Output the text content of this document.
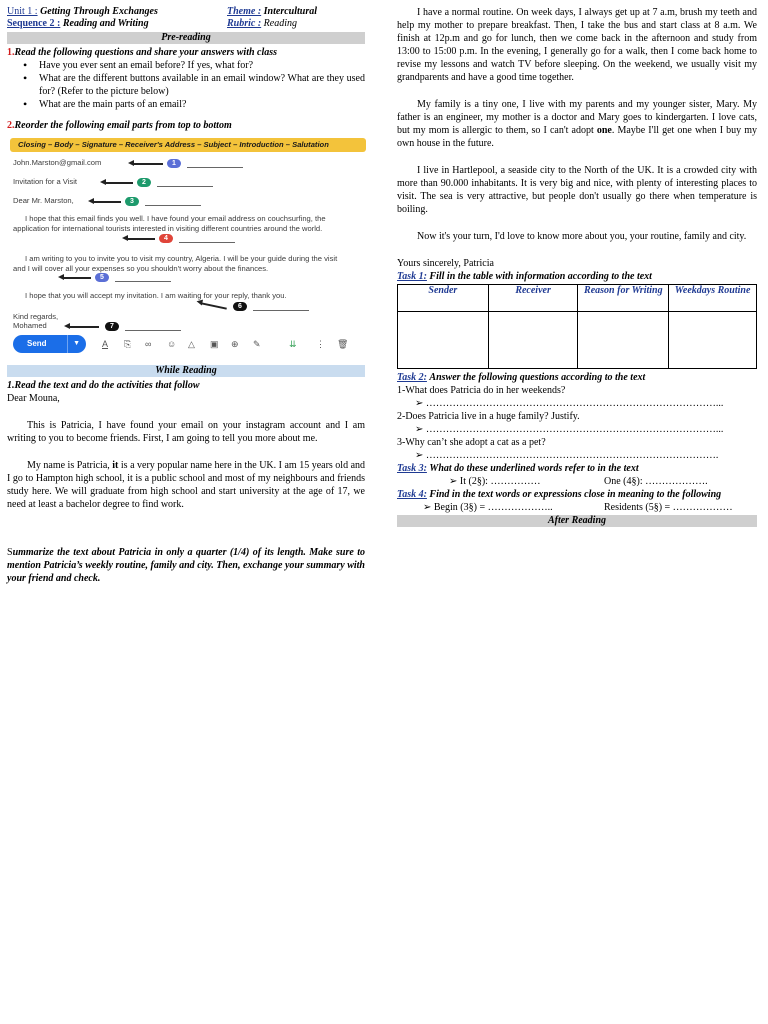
Unit 1 : Getting Through Exchanges	Theme : Intercultural
Sequence 2 : Reading and Writing	Rubric : Reading
Pre-reading
1.Read the following questions and share your answers with class
• Have you ever sent an email before? If yes, what for?
• What are the different buttons available in an email window? What are they used for? (Refer to the picture below)
• What are the main parts of an email?
2.Reorder the following email parts from top to bottom
Closing – Body – Signature – Receiver's Address – Subject – Introduction – Salutation
John.Marston@gmail.com	1
Invitation for a Visit	2
Dear Mr. Marston,	3
I hope that this email finds you well. I have found your email address on couchsurfing, the application for international tourists interested in visiting different countries around the world.
4
I am writing to you to invite you to visit my country, Algeria. I will be your guide during the visit and I will cover all your expenses so you shouldn't worry about the finances.
5
I hope that you will accept my invitation. I am waiting for your reply, thank you.
6
Kind regards,
Mohamed	7
Send	▼ A ⎘ ∞ ☺ △ ▣ ⊕ ✎	⇊ ⋮ 🗑
While Reading
1.Read the text and do the activities that follow
Dear Mouna,
This is Patricia, I have found your email on your instagram account and I am writing to you to become friends. First, I am going to tell you more about me.
My name is Patricia, it is a very popular name here in the UK. I am 15 years old and I go to Hampton high school, it is a public school and most of my neighbours and friends study here. We will graduate from high school and start university at the age of 17, we need at least a bachelor degree to find work.
Summarize the text about Patricia in only a quarter (1/4) of its length. Make sure to mention Patricia’s weekly routine, family and city. Then, exchange your summary with your friend and check.
I have a normal routine. On week days, I always get up at 7 a.m, brush my teeth and help my mother to prepare breakfast. Then, I take the bus and start class at 8 a.m. We finish at 12p.m and go for lunch, then we come back in the afternoon and study from 13:00 to 15:00 p.m. In the evening, I generally go for a walk, then I come back home to revise my lessons and watch TV before sleeping. On the weekend, we usually visit my grandparents and have a good time together.
My family is a tiny one, I live with my parents and my younger sister, Mary. My father is an engineer, my mother is a doctor and Mary goes to kindergarten. I love cats, but my mom is allergic to them, so I can't adopt one. Maybe I'll get one when I buy my own house in the future.
I live in Hartlepool, a seaside city to the North of the UK. It is a crowded city with more than 90.000 inhabitants. It is very big and nice, with plenty of interesting places to visit. The sea is very attractive, but people don't usually go there when temperature is boiling.
Now it's your turn, I'd love to know more about you, your routine, family and city.
Yours sincerely, Patricia
Task 1: Fill in the table with information according to the text
Sender	Receiver	Reason for Writing	Weekdays Routine

Task 2: Answer the following questions according to the text
1-What does Patricia do in her weekends?
➢ ……………………………………………………………………………...
2-Does Patricia live in a huge family? Justify.
➢ ……………………………………………………………………………...
3-Why can’t she adopt a cat as a pet?
➢ …………………………………………………………………………….
Task 3: What do these underlined words refer to in the text
➢ It (2§): ……………	One (4§): ……………….
Task 4: Find in the text words or expressions close in meaning to the following
➢ Begin (3§) = ………………..	Residents (5§) = ………………
After Reading
